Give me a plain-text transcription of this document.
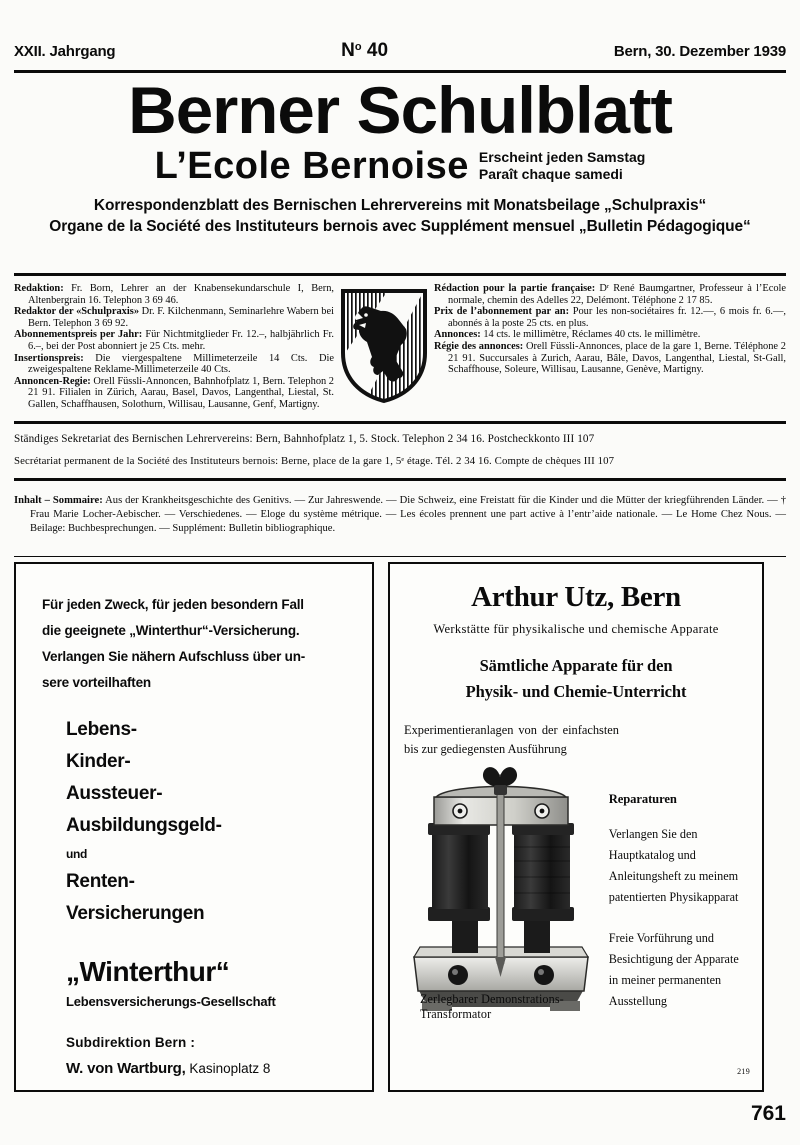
XXII. Jahrgang	$N^o$ 40	Bern, 30. Dezember 1939
Berner Schulblatt
L’Ecole Bernoise Erscheint jeden Samstag
Paraît chaque samedi
Korrespondenzblatt des Bernischen Lehrervereins mit Monatsbeilage „Schulpraxis“
Organe de la Société des Instituteurs bernois avec Supplément mensuel „Bulletin Pédagogique“

Redaktion: Fr. Born, Lehrer an der Knabensekundarschule I, Bern, Altenbergrain 16. Telephon 3 69 46.

Redaktor der «Schulpraxis» Dr. F. Kilchenmann, Seminarlehre Wabern bei Bern. Telephon 3 69 92.

Abonnementspreis per Jahr: Für Nichtmitglieder Fr. 12.–, halbjährlich Fr. 6.–, bei der Post abonniert je 25 Cts. mehr.

Insertionspreis: Die viergespaltene Millimeterzeile 14 Cts. Die zweigespaltene Reklame-Millimeterzeile 40 Cts.

Annoncen-Regie: Orell Füssli-Annoncen, Bahnhofplatz 1, Bern. Telephon 2 21 91. Filialen in Zürich, Aarau, Basel, Davos, Langenthal, Liestal, St. Gallen, Schaffhausen, Solothurn, Willisau, Lausanne, Genf, Martigny.

Rédaction pour la partie française: Dʳ René Baumgartner, Professeur à l’Ecole normale, chemin des Adelles 22, Delémont. Téléphone 2 17 85.

Prix de l’abonnement par an: Pour les non-sociétaires fr. 12.—, 6 mois fr. 6.—, abonnés à la poste 25 cts. en plus.

Annonces: 14 cts. le millimètre, Réclames 40 cts. le millimètre.

Régie des annonces: Orell Füssli-Annonces, place de la gare 1, Berne. Téléphone 2 21 91. Succursales à Zurich, Aarau, Bâle, Davos, Langenthal, Liestal, St-Gall, Schaffhouse, Soleure, Willisau, Lausanne, Genève, Martigny.

Ständiges Sekretariat des Bernischen Lehrervereins: Bern, Bahnhofplatz 1, 5. Stock. Telephon 2 34 16. Postcheckkonto III 107
Secrétariat permanent de la Société des Instituteurs bernois: Berne, place de la gare 1, 5ᵉ étage. Tél. 2 34 16. Compte de chèques III 107
Inhalt – Sommaire: Aus der Krankheitsgeschichte des Genitivs. — Zur Jahreswende. — Die Schweiz, eine Freistatt für die Kinder und die Mütter der kriegführenden Länder. — † Frau Marie Locher-Aebischer. — Verschiedenes. — Eloge du système métrique. — Les écoles prennent une part active à l’entr’aide nationale. — Le Home Chez Nous. — Beilage: Buchbesprechungen. — Supplément: Bulletin bibliographique.
Für jeden Zweck, für jeden besondern Fall
die geeignete „Winterthur“-Versicherung.
Verlangen Sie nähern Aufschluss über un-
sere vorteilhaften
Lebens-
Kinder-
Aussteuer-
Ausbildungsgeld-
und
Renten-
Versicherungen
„Winterthur“
Lebensversicherungs-Gesellschaft
Subdirektion Bern :
W. von Wartburg, Kasinoplatz 8
Arthur Utz, Bern
Werkstätte für physikalische und chemische Apparate
Sämtliche Apparate für den
Physik- und Chemie-Unterricht
Experimentieranlagen von der einfachsten bis zur gediegensten Ausführung
Zerlegbarer Demonstrations-Transformator
Reparaturen
Verlangen Sie den Hauptkatalog und Anleitungsheft zu meinem patentierten Physikapparat
Freie Vorführung und Besichtigung der Apparate in meiner permanenten Ausstellung
219
761
